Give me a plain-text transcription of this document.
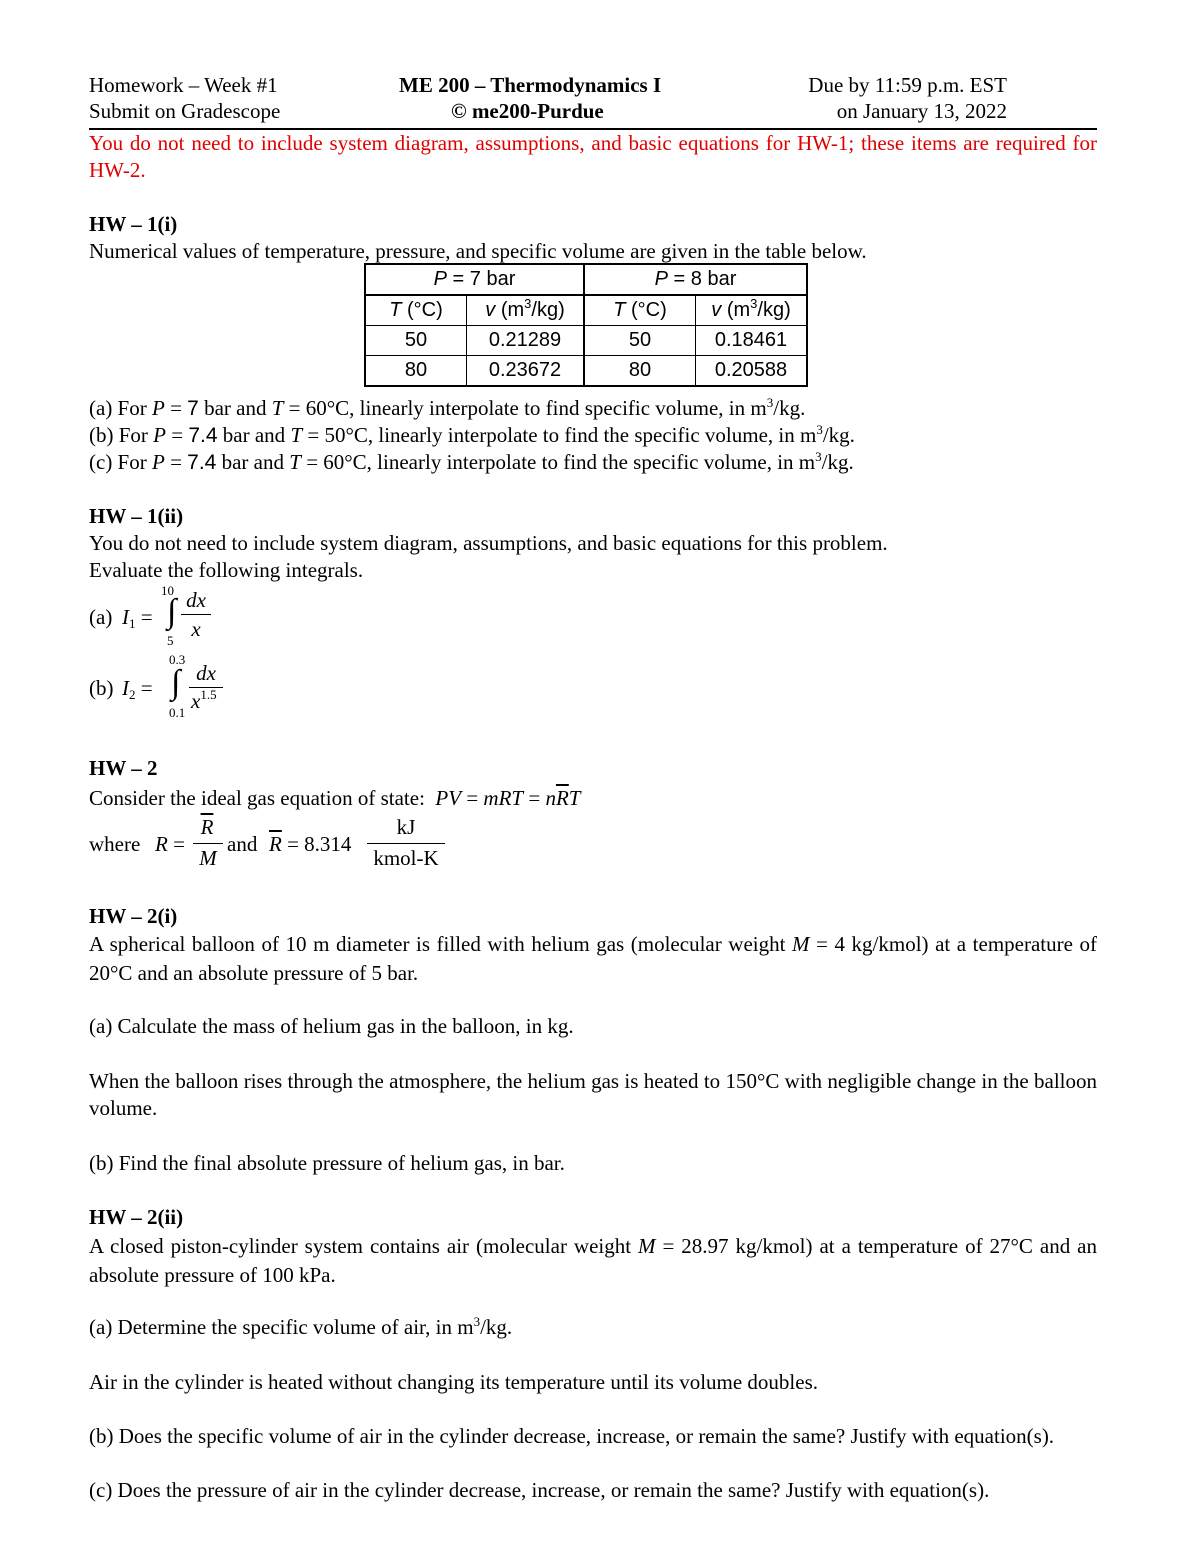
Homework – Week #1
Submit on Gradescope
ME 200 – Thermodynamics I
© me200-Purdue
Due by 11:59 p.m. EST
on January 13, 2022
You do not need to include system diagram, assumptions, and basic equations for HW-1; these items are required for HW-2.
HW – 1(i)
Numerical values of temperature, pressure, and specific volume are given in the table below.
P = 7 bar		P = 8 bar	
T (°C)	v $(m^3/kg)$	T (°C)	v $(m^3/kg)$
50	0.21289	50	0.18461
80	0.23672	80	0.20588
(a) For P = 7 bar and T = 60°C, linearly interpolate to find specific volume, in $m^3/kg$.
(b) For P = 7.4 bar and T = 50°C, linearly interpolate to find the specific volume, in $m^3/kg$.
(c) For P = 7.4 bar and T = 60°C, linearly interpolate to find the specific volume, in $m^3/kg$.
HW – 1(ii)
You do not need to include system diagram, assumptions, and basic equations for this problem.
Evaluate the following integrals.
(a) $I_1$ =
10
∫
5
dx
x
(b) $I_2$ =
0.3
∫
0.1
dx
$x^{1.5}$
HW – 2
Consider the ideal gas equation of state: PV = mRT = $n\overline{R}T$
where R =
$\overline{R}$
M
and $\overline{R} = 8.314$
kJ
kmol-K
HW – 2(i)
A spherical balloon of 10 m diameter is filled with helium gas (molecular weight M = 4 kg/kmol) at a temperature of 20°C and an absolute pressure of 5 bar.
(a) Calculate the mass of helium gas in the balloon, in kg.
When the balloon rises through the atmosphere, the helium gas is heated to 150°C with negligible change in the balloon volume.
(b) Find the final absolute pressure of helium gas, in bar.
HW – 2(ii)
A closed piston-cylinder system contains air (molecular weight M = 28.97 kg/kmol) at a temperature of 27°C and an absolute pressure of 100 kPa.
(a) Determine the specific volume of air, in $m^3/kg$.
Air in the cylinder is heated without changing its temperature until its volume doubles.
(b) Does the specific volume of air in the cylinder decrease, increase, or remain the same? Justify with equation(s).
(c) Does the pressure of air in the cylinder decrease, increase, or remain the same? Justify with equation(s).
